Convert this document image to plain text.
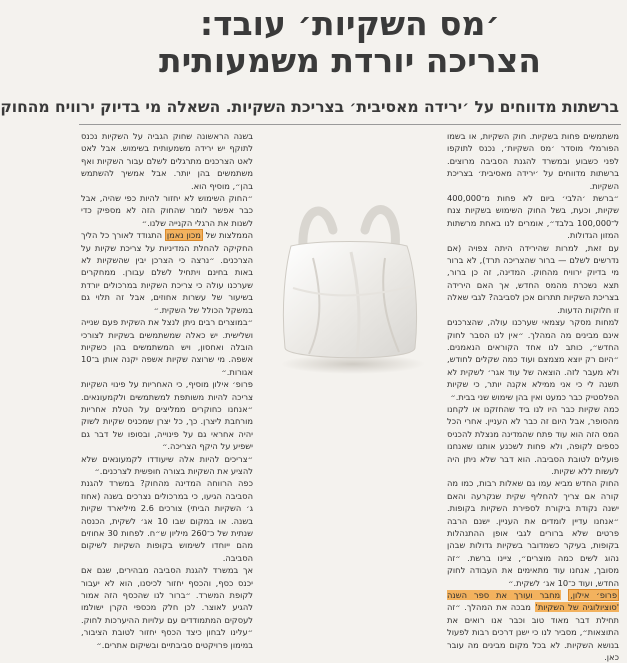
׳מס השקיות׳ עובד:
הצריכה יורדת משמעותית
ברשתות מדווחים על ׳ירידה מאסיבית׳ בצריכת השקיות. השאלה מי בדיוק ירוויח מהחוק

משתמשים פחות בשקיות. חוק השקיות, או בשמו הפורמלי מוסדר ׳מס השקיות׳, נכנס לתוקפו לפני כשבוע ובמשרד להגנת הסביבה מרוצים. ברשתות מדווחים על ׳ירידה מאסיבית׳ בצריכת השקיות.

״ברשת ׳הלבי׳ ביום לא פחות מ־400,000 שקיות, וכעת, בשל החוק השימוש בשקיות צנח ל־100,000 בלבד״, אומרים לנו באחת מרשתות המזון הגדולות.

עם זאת, למרות שהירידה היתה צפויה (אם נדרשים לשלם — ברור שהצריכה תרד), לא ברור מי בדיוק ירוויח מהחוק. המדינה, זה כן ברור, תצא נשכרת מהמס החדש, אך האם הירידה בצריכת השקיות תתרום אכן לסביבה? לגבי שאלה זו חלוקות הדעות.

למחות מסקר עצמאי שערכנו עולה, שהצרכנים אינם מבינים מה המהלך. ״אין לנו הסבר לחוק החדש״, כותב לנו אחד הקוראים הנאמנים. ״היום רק יוצא מצמצם ועוד כמה שקלים לחודש, ולא מעבר לזה. הוצאה של עוד אגר׳ לשקית לא תשנה לי כי אני ממילא אקנה יותר, כי שקיות הפלסטיק כבר כמעט ואין בהן שימוש שני בבית.״

כמה שקיות כבר היו לנו ביד שהחזקנו או לקחנו מהסופר, אבל היום זה כבר לא העניין. אחרי הכל המס הזה הוא עוד פתח שהמדינה מנצלת להכניס כספים לקופה, ולא פחות לשכנע אותנו שאנחנו פועלים לטובת הסביבה. הוא דבר שלא ניתן היה לעשות ללא שקיות.

החוק החדש מביא עמו גם שאלות רבות, כמו מה קורה אם צריך להחליף שקית שנקרעה והאם ישנה נקודת ביקורת לספירת השקיות בקופות. ״אנחנו עדיין לומדים את העניין. ישנם הרבה פרטים שלא ברורים לגבי אופן ההתנהלות בקופות, בעיקר כשמדובר בשקיות גדולות שבהן נהוג לשים כמה מוצרים״, ציינו ברשת. ״זה מסובך, אנחנו עוד מתאימים את העבודה לחוק החדש, ועוד כ־10 אג׳ לשקית.״

פרופ׳ אילון, מחבר ועורך את ספר השנה 'סוציולוגיה של השקיות' מבכה את המהלך. ״זה תחילת דבר מאוד טוב וכבר אנו רואים את התוצאות״, מסביר לנו כי ישנן דרכים רבות לפעול בנושא השקיות. לא בכל מקום מבינים מה עובר כאן.

בשנה הראשונה שחוק הגביה על השקיות נכנס לתוקף יש ירידה משמעותית בשימוש. אבל לאט לאט הצרכנים מתרגלים לשלם עבור השקיות ואף משתמשים בהן יותר. אבל אמשיך להשתמש בהן״, מוסיף הוא.

״החוק השימוש לא יחזור להיות כפי שהיה, אבל כבר אפשר לומר שהחוק הזה לא מספיק כדי לשנות את הרגלי הקנייה שלנו.״

הממלצות של מכון נאמן התגודד לאורך כל הליך החקיקה להחלת המדיניות על צריכת שקיות על הצרכנים. ״נרצה כי הצרכן יבין שהשקיות לא באות בחינם ויתחיל לשלם עבורן. ממחקרים שערכנו עולה כי צריכת השקיות במרכולים יורדת בשיעור של עשרות אחוזים, אבל זה תלוי גם במשקל הכולל של השקית.״

״במוצרים רבים ניתן לנצל את השקית פעם שנייה ושלישית. יש כאלה שמשתמשים בשקיות לצורכי הובלה ואחסון, ויש המשתמשים בהן כשקיות אשפה. מי שרוצה שקיות אשפה יקנה אותן ב־10 אגורות.״

פרופ׳ אילון מוסיף, כי האחריות על פינוי השקיות צריכה להיות משותפת למשתמשים ולקמעונאים. ״אנחנו כחוקרים ממליצים על הטלת אחריות מורחבת ליצרן. כך, כל יצרן שמכניס שקיות לשוק יהיה אחראי גם על פינוייה, ובסופו של דבר גם ישפיע על היקף הצריכה.״

״צריכים להיות אלה שיעודדו לקמעונאים שלא להציע את השקיות בצורה חופשית לצרכנים.״

כפה הרווחה המדינה מהחוק? במשרד להגנת הסביבה הגיעו, כי במרכולים נצרכים בשנה (אחוז ג׳ השקיות הביתי) צורכים 2.6 מיליארד שקיות בשנה. או במקום שבו 10 אג׳ לשקית, הכנסה שנתית של כ־260 מיליון ש״ח. לפחות 30 אחוזים מהם ייוחדו לשימוש בקופות השקיות לשיקום הסביבה.

אך במשרד להגנת הסביבה מבהירים, שגם אם יכנס כסף, והכסף יחזור לכיסנו, הוא לא יעבור לקופת המשרד. ״ברור לנו שהכסף הזה אמור להגיע לאוצר. לכן חלק מכספי הקרן ישולמו לעסקים המתמודדים עם עלויות ההיערכות לחוק. ״עלינו לבחון כיצד הכסף יחזור לטובת הציבור, במימון פרויקטים סביבתיים ובשיקום אתרים.״
